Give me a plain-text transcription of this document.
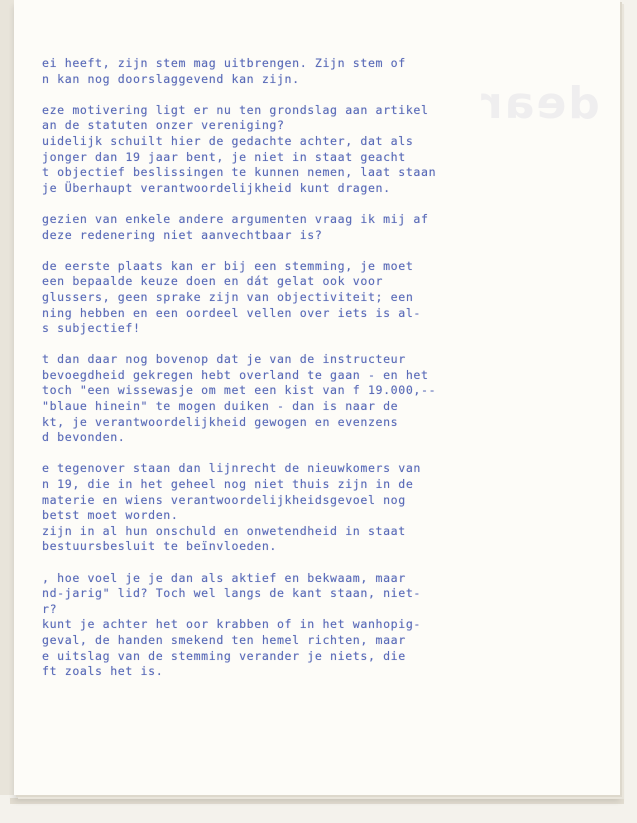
dear
ei heeft, zijn stem mag uitbrengen. Zijn stem of
n kan nog doorslaggevend kan zijn.
eze motivering ligt er nu ten grondslag aan artikel
an de statuten onzer vereniging?
uidelijk schuilt hier de gedachte achter, dat als
jonger dan 19 jaar bent, je niet in staat geacht
t objectief beslissingen te kunnen nemen, laat staan
je Überhaupt verantwoordelijkheid kunt dragen.
gezien van enkele andere argumenten vraag ik mij af
deze redenering niet aanvechtbaar is?
de eerste plaats kan er bij een stemming, je moet
een bepaalde keuze doen en dát gelat ook voor
glussers, geen sprake zijn van objectiviteit; een
ning hebben en een oordeel vellen over iets is al-
s subjectief!
t dan daar nog bovenop dat je van de instructeur
bevoegdheid gekregen hebt overland te gaan - en het
toch "een wissewasje om met een kist van f 19.000,--
"blaue hinein" te mogen duiken - dan is naar de
kt, je verantwoordelijkheid gewogen en evenzens
d bevonden.
e tegenover staan dan lijnrecht de nieuwkomers van
n 19, die in het geheel nog niet thuis zijn in de
materie en wiens verantwoordelijkheidsgevoel nog
betst moet worden.
zijn in al hun onschuld en onwetendheid in staat
bestuursbesluit te beïnvloeden.
, hoe voel je je dan als aktief en bekwaam, maar
nd-jarig" lid? Toch wel langs de kant staan, niet-
r?
kunt je achter het oor krabben of in het wanhopig-
geval, de handen smekend ten hemel richten, maar
e uitslag van de stemming verander je niets, die
ft zoals het is.
